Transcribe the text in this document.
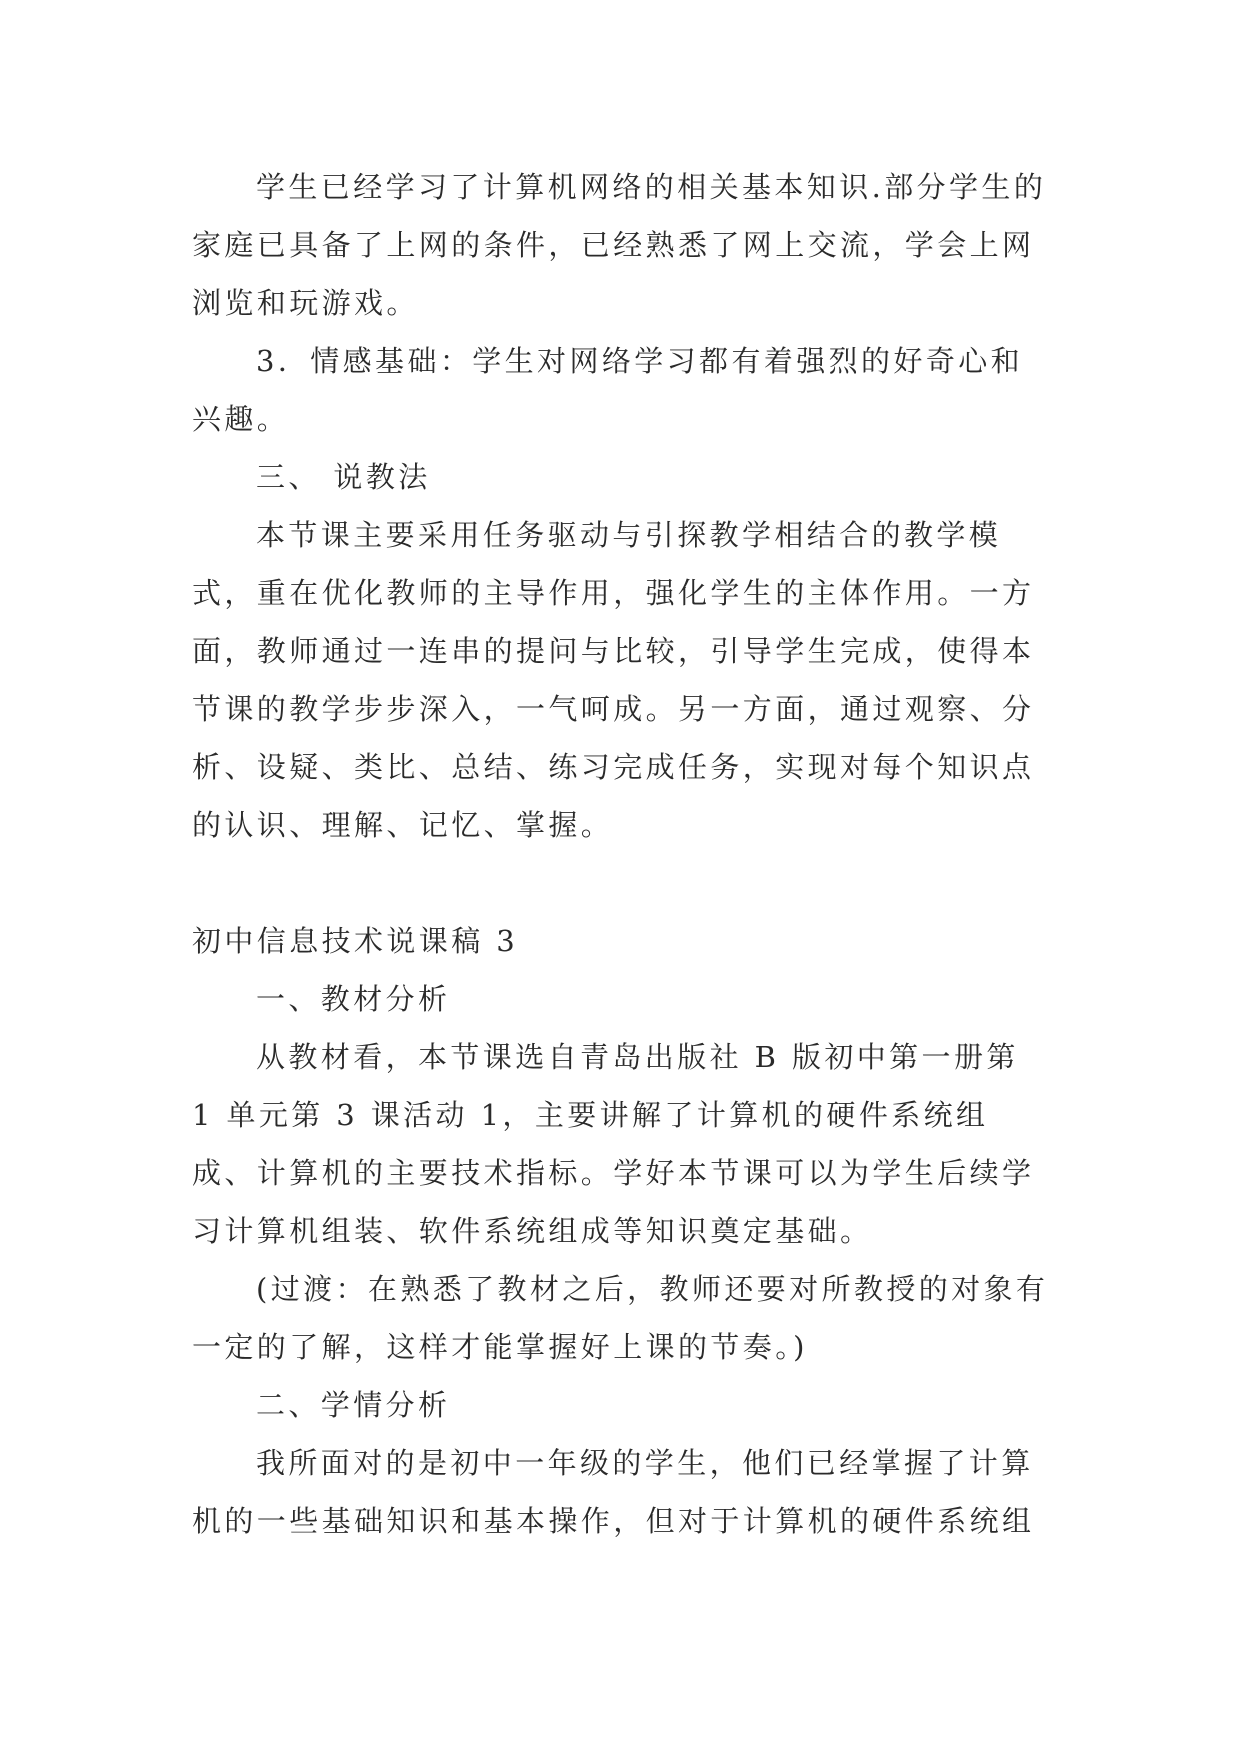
学生已经学习了计算机网络的相关基本知识.部分学生的家庭已具备了上网的条件，已经熟悉了网上交流，学会上网浏览和玩游戏。

3．情感基础：学生对网络学习都有着强烈的好奇心和兴趣。

三、 说教法

本节课主要采用任务驱动与引探教学相结合的教学模式，重在优化教师的主导作用，强化学生的主体作用。一方面，教师通过一连串的提问与比较，引导学生完成，使得本节课的教学步步深入，一气呵成。另一方面，通过观察、分析、设疑、类比、总结、练习完成任务，实现对每个知识点的认识、理解、记忆、掌握。

初中信息技术说课稿 3

一、教材分析

从教材看，本节课选自青岛出版社 B 版初中第一册第 1 单元第 3 课活动 1，主要讲解了计算机的硬件系统组成、计算机的主要技术指标。学好本节课可以为学生后续学习计算机组装、软件系统组成等知识奠定基础。

(过渡：在熟悉了教材之后，教师还要对所教授的对象有一定的了解，这样才能掌握好上课的节奏。)

二、学情分析

我所面对的是初中一年级的学生，他们已经掌握了计算机的一些基础知识和基本操作，但对于计算机的硬件系统组
